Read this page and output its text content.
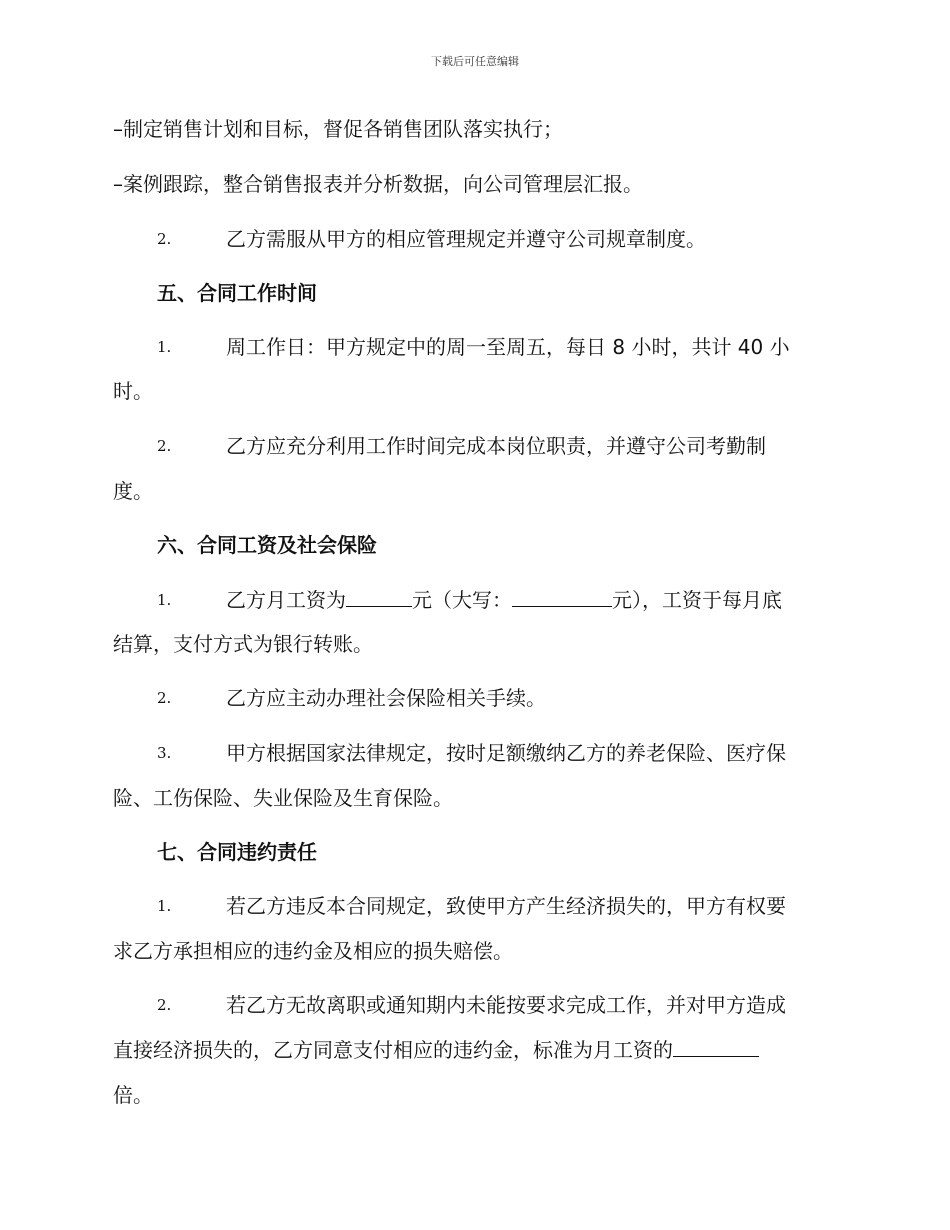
下载后可任意编辑
–制定销售计划和目标，督促各销售团队落实执行；
–案例跟踪，整合销售报表并分析数据，向公司管理层汇报。
2.	乙方需服从甲方的相应管理规定并遵守公司规章制度。
五、合同工作时间
1.	周工作日：甲方规定中的周一至周五，每日 8 小时，共计 40 小
时。
2.	乙方应充分利用工作时间完成本岗位职责，并遵守公司考勤制
度。
六、合同工资及社会保险
1.	乙方月工资为	元（大写：	元），工资于每月底
结算，支付方式为银行转账。
2.	乙方应主动办理社会保险相关手续。
3.	甲方根据国家法律规定，按时足额缴纳乙方的养老保险、医疗保
险、工伤保险、失业保险及生育保险。
七、合同违约责任
1.	若乙方违反本合同规定，致使甲方产生经济损失的，甲方有权要
求乙方承担相应的违约金及相应的损失赔偿。
2.	若乙方无故离职或通知期内未能按要求完成工作，并对甲方造成
直接经济损失的，乙方同意支付相应的违约金，标准为月工资的
倍。
